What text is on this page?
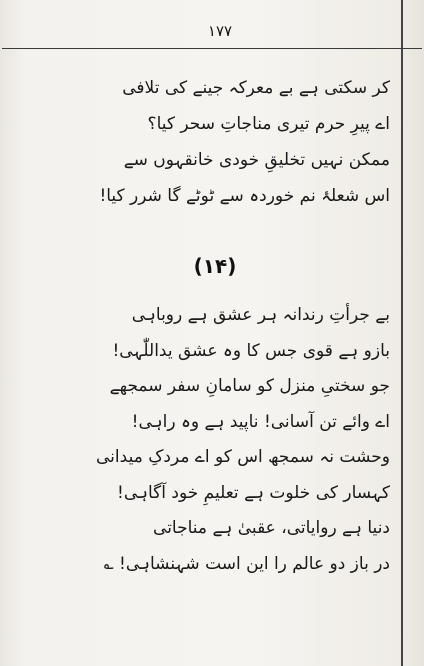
۱۷۷
کر سکتی ہے بے معرکہ جینے کی تلافی
اے پیرِ حرم تیری مناجاتِ سحر کیا؟
ممکن نہیں تخلیقِ خودی خانقہوں سے
اس شعلۂ نم خوردہ سے ٹوٹے گا شرر کیا!
(۱۴)
بے جرأتِ رندانہ ہر عشق ہے روباہی
بازو ہے قوی جس کا وہ عشق یداللّٰہی!
جو سختیِ منزل کو سامانِ سفر سمجھے
اے وائے تن آسانی! ناپید ہے وہ راہی!
وحشت نہ سمجھ اس کو اے مردکِ میدانی
کہسار کی خلوت ہے تعلیمِ خود آگاہی!
دنیا ہے روایاتی، عقبیٰ ہے مناجاتی
در باز دو عالم را این است شہنشاہی! ؎
